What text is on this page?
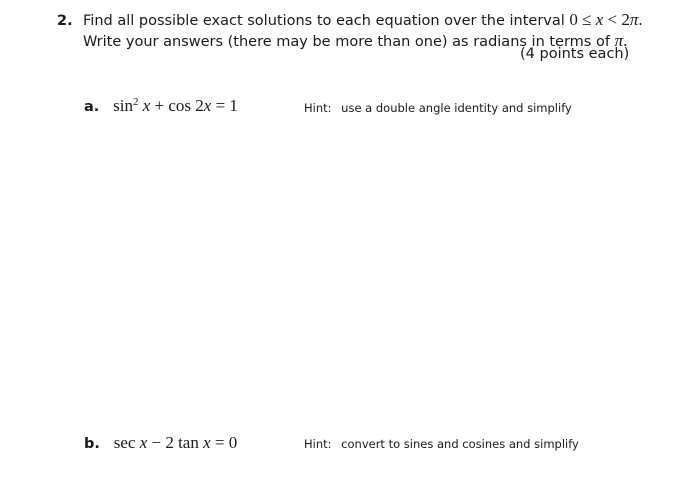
2. Find all possible exact solutions to each equation over the interval 0 ≤ x < 2π.
Write your answers (there may be more than one) as radians in terms of π.
(4 points each)
a. $\sin^2 x + \cos 2x = 1$	Hint: use a double angle identity and simplify
b. sec x − 2 tan x = 0	Hint: convert to sines and cosines and simplify
